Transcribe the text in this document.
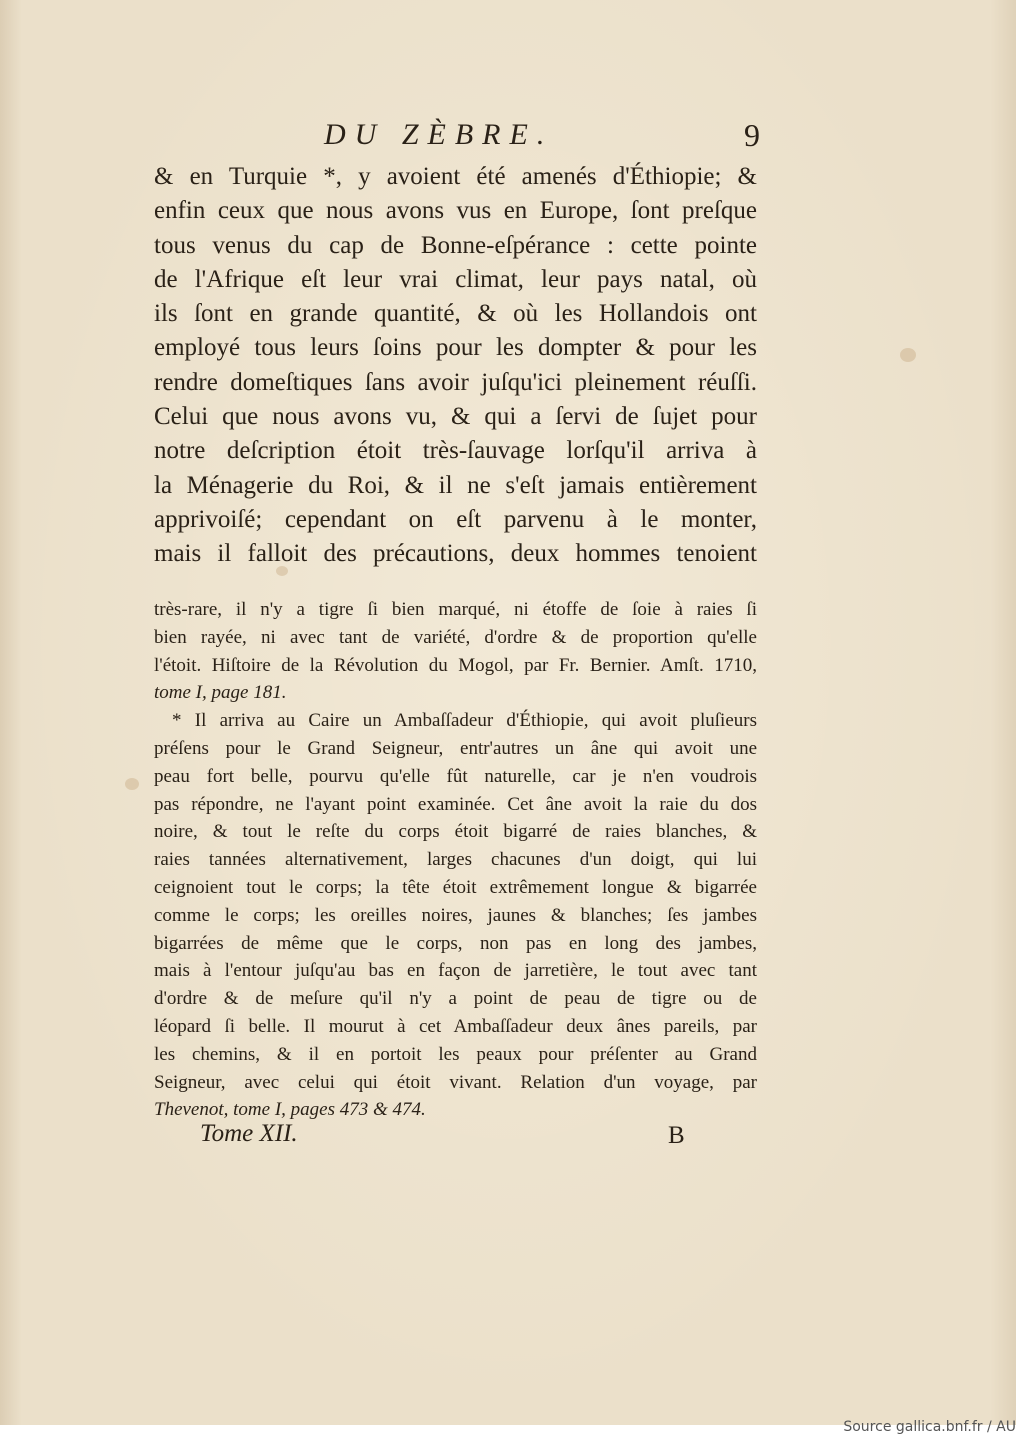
DU ZÈBRE.	9
& en Turquie *, y avoient été amenés d'Éthiopie; &
enfin ceux que nous avons vus en Europe, ſont preſque
tous venus du cap de Bonne-eſpérance : cette pointe
de l'Afrique eſt leur vrai climat, leur pays natal, où
ils ſont en grande quantité, & où les Hollandois ont
employé tous leurs ſoins pour les dompter & pour les
rendre domeſtiques ſans avoir juſqu'ici pleinement réuſſi.
Celui que nous avons vu, & qui a ſervi de ſujet pour
notre deſcription étoit très-ſauvage lorſqu'il arriva à
la Ménagerie du Roi, & il ne s'eſt jamais entièrement
apprivoiſé; cependant on eſt parvenu à le monter,
mais il falloit des précautions, deux hommes tenoient
très-rare, il n'y a tigre ſi bien marqué, ni étoffe de ſoie à raies ſi
bien rayée, ni avec tant de variété, d'ordre & de proportion qu'elle
l'étoit. Hiſtoire de la Révolution du Mogol, par Fr. Bernier. Amſt. 1710,
tome I, page 181.
* Il arriva au Caire un Ambaſſadeur d'Éthiopie, qui avoit pluſieurs
préſens pour le Grand Seigneur, entr'autres un âne qui avoit une
peau fort belle, pourvu qu'elle fût naturelle, car je n'en voudrois
pas répondre, ne l'ayant point examinée. Cet âne avoit la raie du dos
noire, & tout le reſte du corps étoit bigarré de raies blanches, &
raies tannées alternativement, larges chacunes d'un doigt, qui lui
ceignoient tout le corps; la tête étoit extrêmement longue & bigarrée
comme le corps; les oreilles noires, jaunes & blanches; ſes jambes
bigarrées de même que le corps, non pas en long des jambes,
mais à l'entour juſqu'au bas en façon de jarretière, le tout avec tant
d'ordre & de meſure qu'il n'y a point de peau de tigre ou de
léopard ſi belle. Il mourut à cet Ambaſſadeur deux ânes pareils, par
les chemins, & il en portoit les peaux pour préſenter au Grand
Seigneur, avec celui qui étoit vivant. Relation d'un voyage, par
Thevenot, tome I, pages 473 & 474.
Tome XII.	B
Source gallica.bnf.fr / AU
